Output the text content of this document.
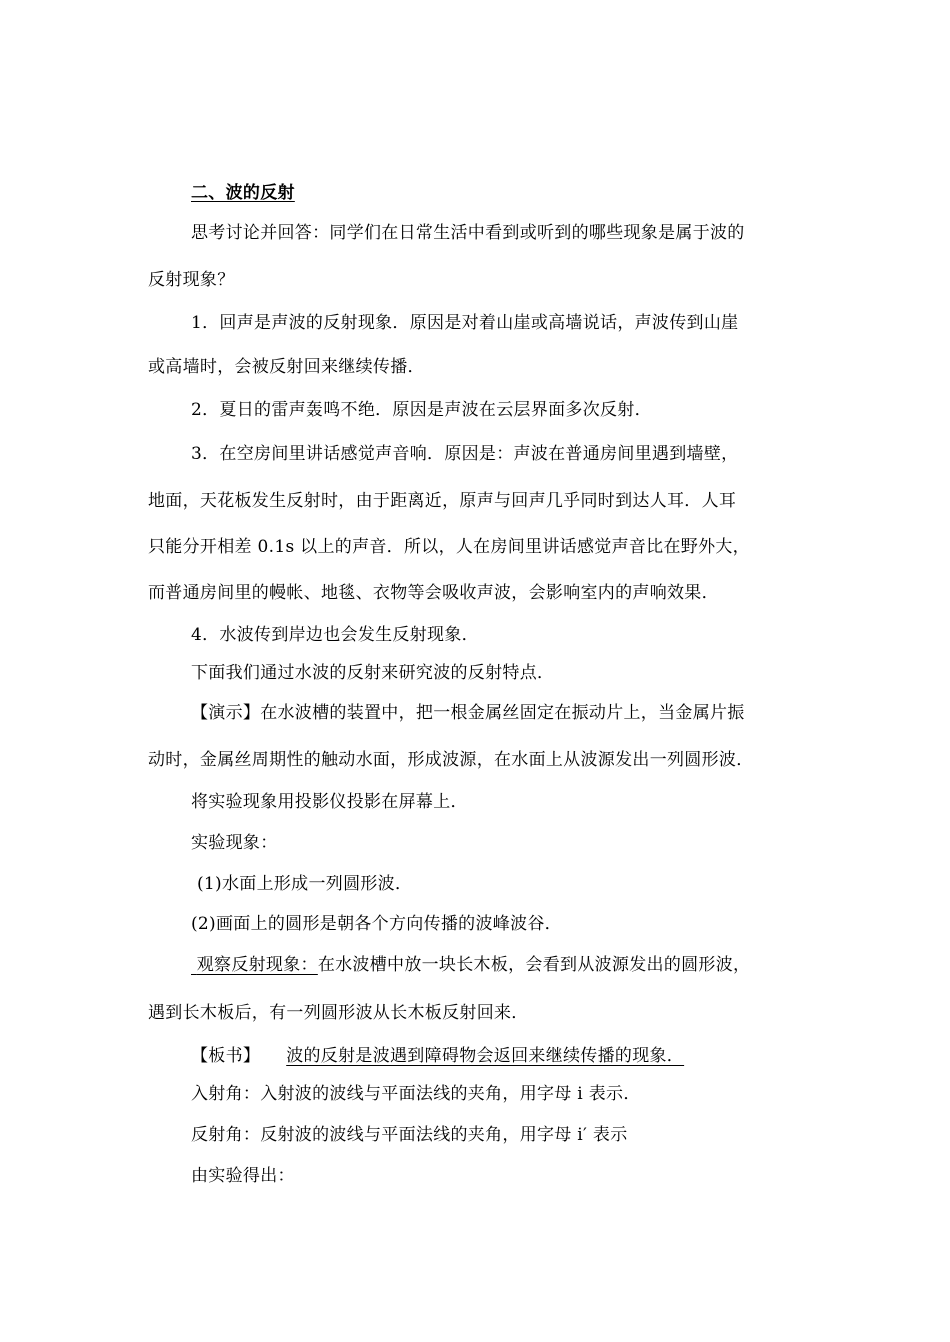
二、波的反射
思考讨论并回答：同学们在日常生活中看到或听到的哪些现象是属于波的
反射现象？
1．回声是声波的反射现象．原因是对着山崖或高墙说话，声波传到山崖
或高墙时，会被反射回来继续传播．
2．夏日的雷声轰鸣不绝．原因是声波在云层界面多次反射．
3．在空房间里讲话感觉声音响．原因是：声波在普通房间里遇到墙壁，
地面，天花板发生反射时，由于距离近，原声与回声几乎同时到达人耳．人耳
只能分开相差 0.1s 以上的声音．所以，人在房间里讲话感觉声音比在野外大，
而普通房间里的幔帐、地毯、衣物等会吸收声波，会影响室内的声响效果．
4．水波传到岸边也会发生反射现象．
下面我们通过水波的反射来研究波的反射特点．
【演示】在水波槽的装置中，把一根金属丝固定在振动片上，当金属片振
动时，金属丝周期性的触动水面，形成波源，在水面上从波源发出一列圆形波．
将实验现象用投影仪投影在屏幕上．
实验现象：
(1)水面上形成一列圆形波．
(2)画面上的圆形是朝各个方向传播的波峰波谷．
观察反射现象：在水波槽中放一块长木板，会看到从波源发出的圆形波，
遇到长木板后，有一列圆形波从长木板反射回来．
【板书】 波的反射是波遇到障碍物会返回来继续传播的现象．
入射角：入射波的波线与平面法线的夹角，用字母 i 表示．
反射角：反射波的波线与平面法线的夹角，用字母 i′ 表示
由实验得出：
